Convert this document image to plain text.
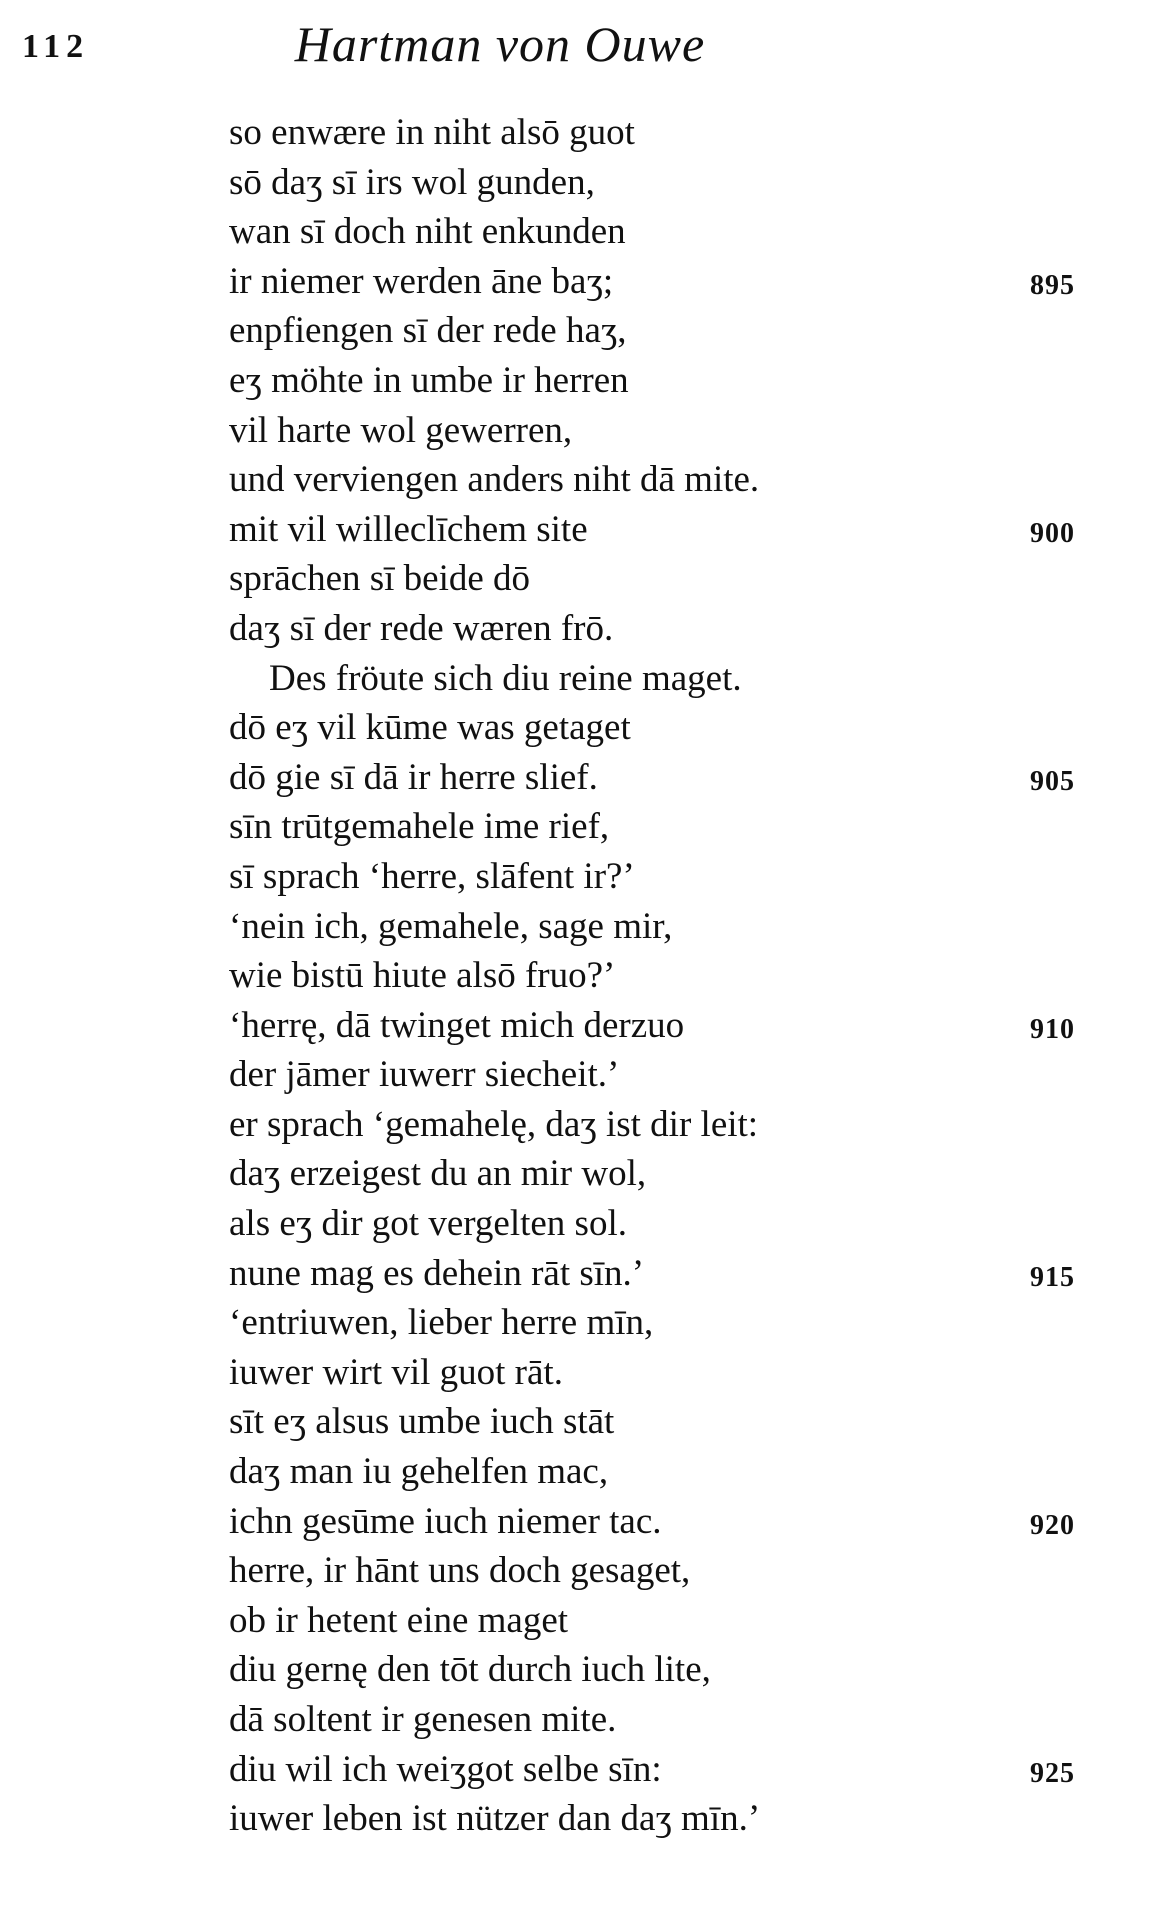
112	Hartman von Ouwe
so enwære in niht alsō guot
sō daʒ sī irs wol gunden,
wan sī doch niht enkunden
ir niemer werden āne baʒ;	895
enpfiengen sī der rede haʒ,
eʒ möhte in umbe ir herren
vil harte wol gewerren,
und verviengen anders niht dā mite.
mit vil willeclīchem site	900
sprāchen sī beide dō
daʒ sī der rede wæren frō.
Des fröute sich diu reine maget.
dō eʒ vil kūme was getaget
dō gie sī dā ir herre slief.	905
sīn trūtgemahele ime rief,
sī sprach ‘herre, slāfent ir?’
‘nein ich, gemahele, sage mir,
wie bistū hiute alsō fruo?’
‘herrę, dā twinget mich derzuo	910
der jāmer iuwerr siecheit.’
er sprach ‘gemahelę, daʒ ist dir leit:
daʒ erzeigest du an mir wol,
als eʒ dir got vergelten sol.
nune mag es dehein rāt sīn.’	915
‘entriuwen, lieber herre mīn,
iuwer wirt vil guot rāt.
sīt eʒ alsus umbe iuch stāt
daʒ man iu gehelfen mac,
ichn gesūme iuch niemer tac.	920
herre, ir hānt uns doch gesaget,
ob ir hetent eine maget
diu gernę den tōt durch iuch lite,
dā soltent ir genesen mite.
diu wil ich weiʒgot selbe sīn:	925
iuwer leben ist nützer dan daʒ mīn.’
